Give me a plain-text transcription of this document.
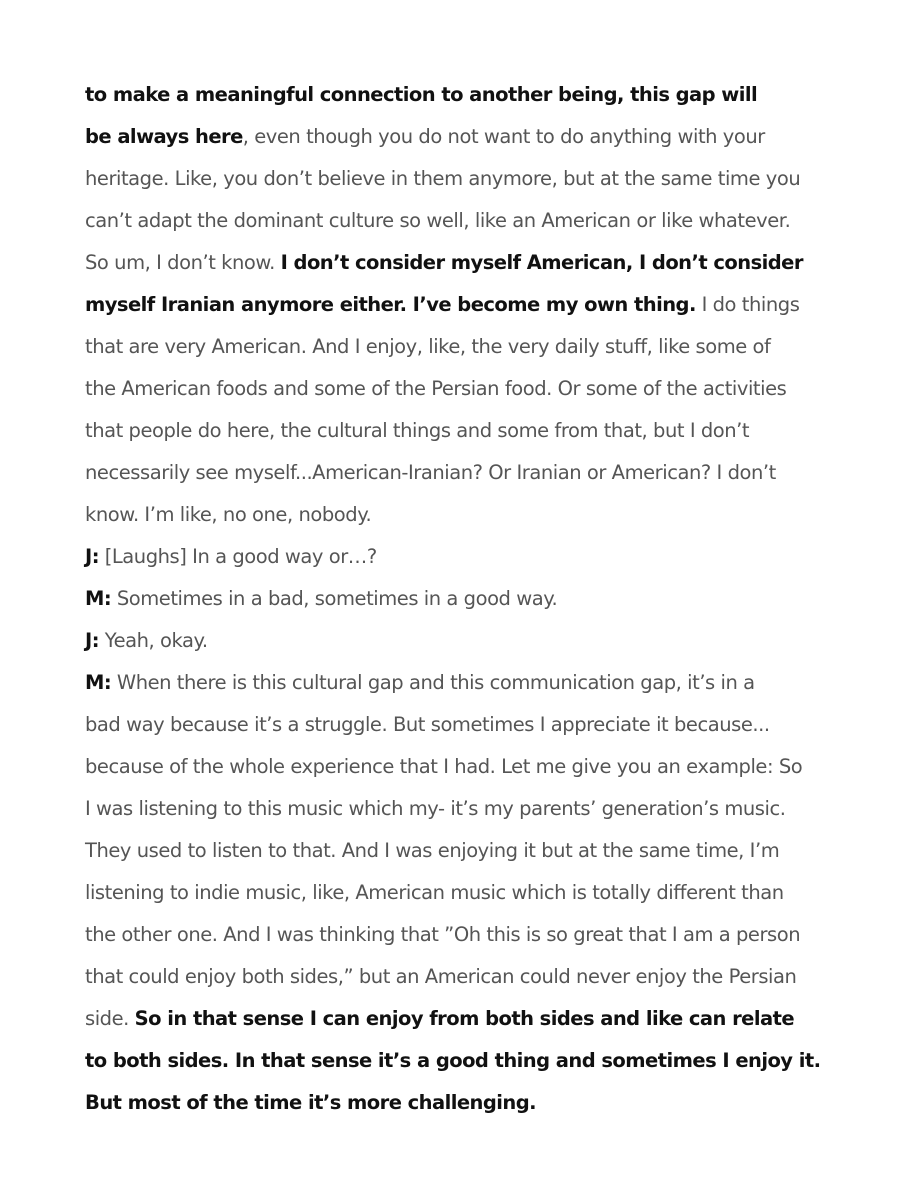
to make a meaningful connection to another being, this gap will
be always here, even though you do not want to do anything with your
heritage. Like, you don’t believe in them anymore, but at the same time you
can’t adapt the dominant culture so well, like an American or like whatever.
So um, I don’t know. I don’t consider myself American, I don’t consider
myself Iranian anymore either. I’ve become my own thing. I do things
that are very American. And I enjoy, like, the very daily stuff, like some of
the American foods and some of the Persian food. Or some of the activities
that people do here, the cultural things and some from that, but I don’t
necessarily see myself...American-Iranian? Or Iranian or American? I don’t
know. I’m like, no one, nobody.
J: [Laughs] In a good way or…?
M: Sometimes in a bad, sometimes in a good way.
J: Yeah, okay.
M: When there is this cultural gap and this communication gap, it’s in a
bad way because it’s a struggle. But sometimes I appreciate it because...
because of the whole experience that I had. Let me give you an example: So
I was listening to this music which my- it’s my parents’ generation’s music.
They used to listen to that. And I was enjoying it but at the same time, I’m
listening to indie music, like, American music which is totally different than
the other one. And I was thinking that ”Oh this is so great that I am a person
that could enjoy both sides,” but an American could never enjoy the Persian
side. So in that sense I can enjoy from both sides and like can relate
to both sides. In that sense it’s a good thing and sometimes I enjoy it.
But most of the time it’s more challenging.
